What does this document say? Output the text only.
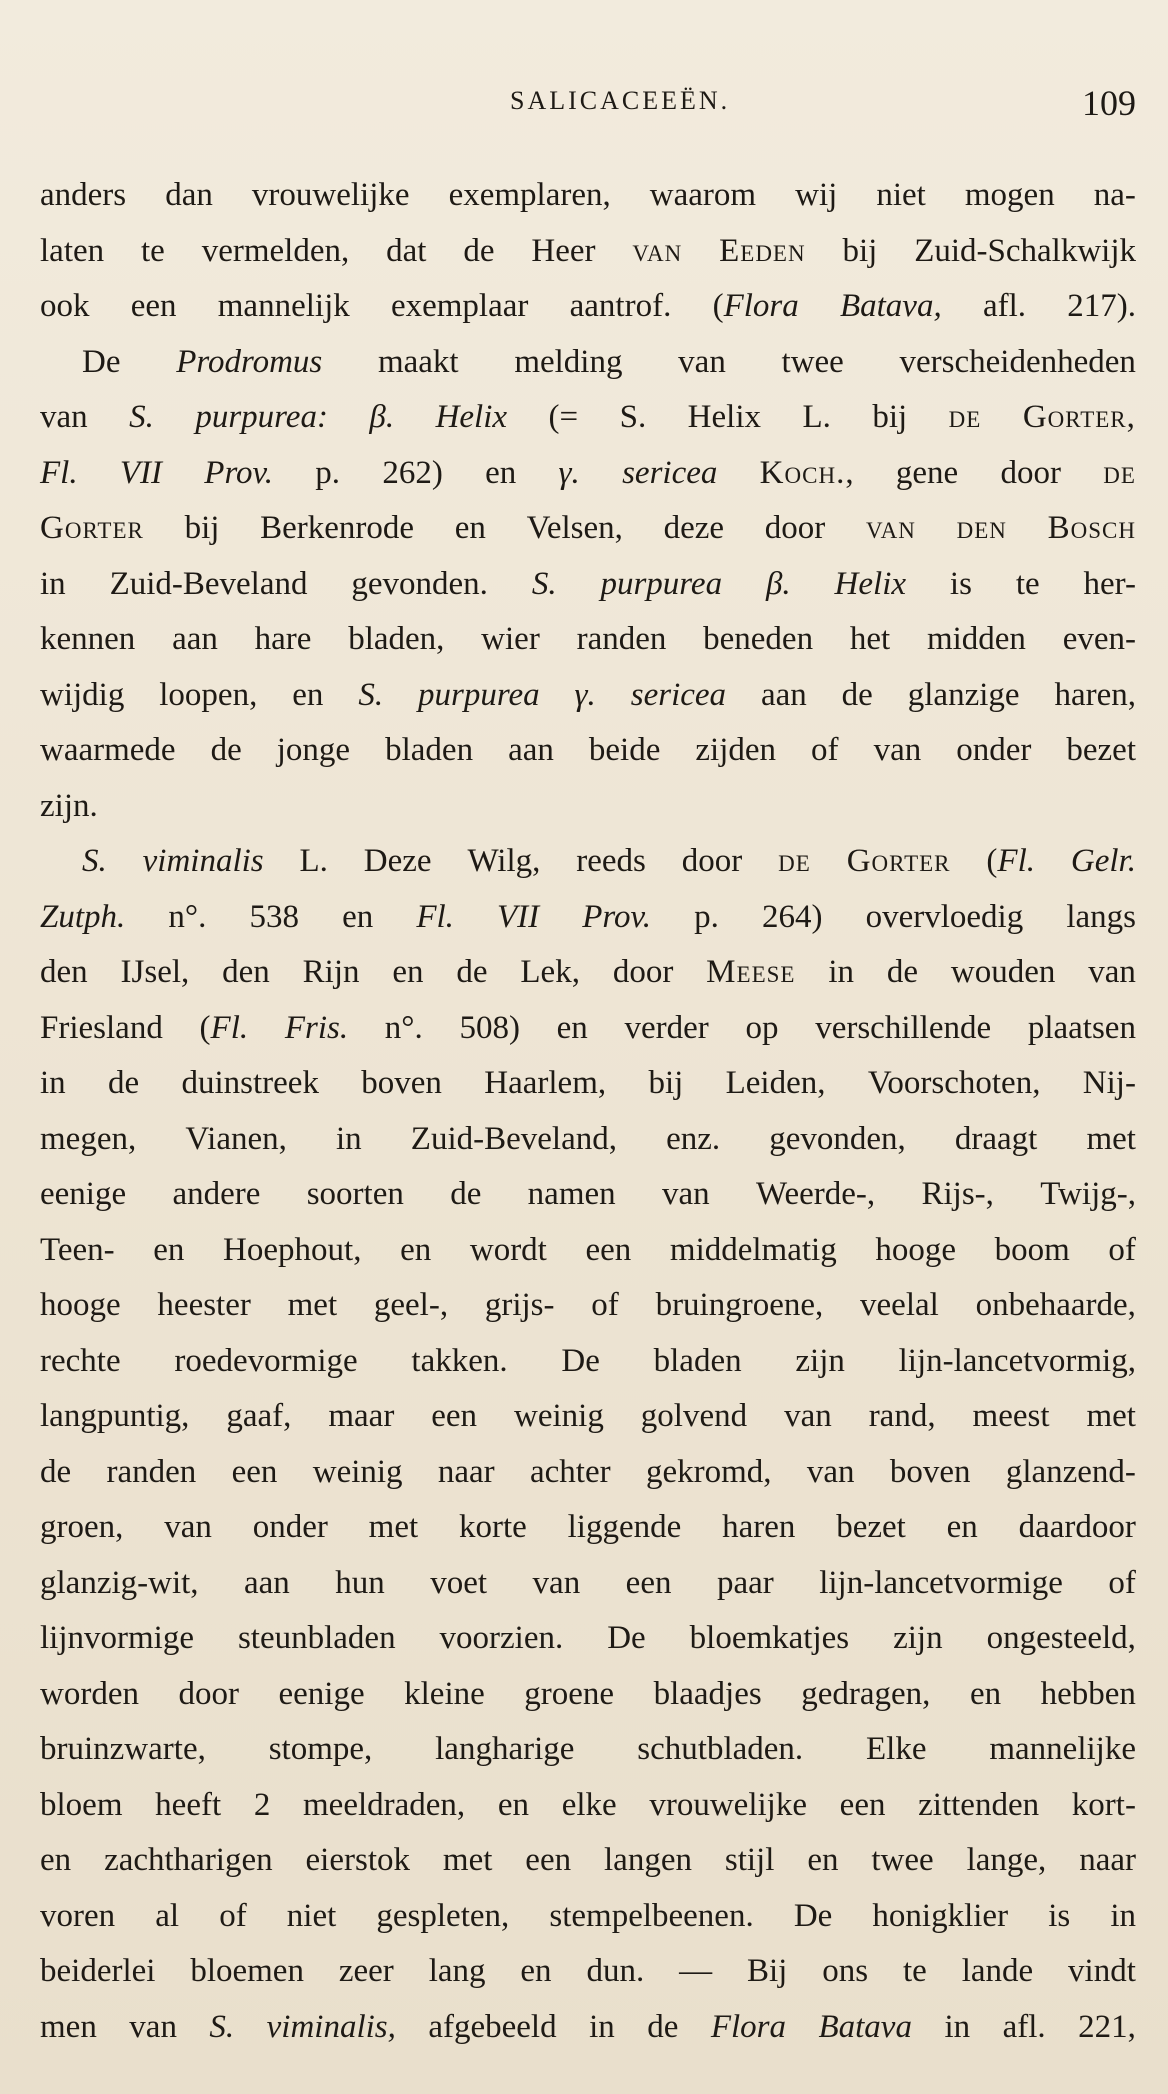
SALICACEEËN.	109
anders dan vrouwelijke exemplaren, waarom wij niet mogen na-
laten te vermelden, dat de Heer van Eeden bij Zuid-Schalkwijk
ook een mannelijk exemplaar aantrof. (Flora Batava, afl. 217).
De Prodromus maakt melding van twee verscheidenheden
van S. purpurea: β. Helix (= S. Helix L. bij de Gorter,
Fl. VII Prov. p. 262) en γ. sericea Koch., gene door de
Gorter bij Berkenrode en Velsen, deze door van den Bosch
in Zuid-Beveland gevonden. S. purpurea β. Helix is te her-
kennen aan hare bladen, wier randen beneden het midden even-
wijdig loopen, en S. purpurea γ. sericea aan de glanzige haren,
waarmede de jonge bladen aan beide zijden of van onder bezet
zijn.

S. viminalis L. Deze Wilg, reeds door de Gorter (Fl. Gelr.
Zutph. n°. 538 en Fl. VII Prov. p. 264) overvloedig langs
den IJsel, den Rijn en de Lek, door Meese in de wouden van
Friesland (Fl. Fris. n°. 508) en verder op verschillende plaatsen
in de duinstreek boven Haarlem, bij Leiden, Voorschoten, Nij-
megen, Vianen, in Zuid-Beveland, enz. gevonden, draagt met
eenige andere soorten de namen van Weerde-, Rijs-, Twijg-,
Teen- en Hoephout, en wordt een middelmatig hooge boom of
hooge heester met geel-, grijs- of bruingroene, veelal onbehaarde,
rechte roedevormige takken. De bladen zijn lijn-lancetvormig,
langpuntig, gaaf, maar een weinig golvend van rand, meest met
de randen een weinig naar achter gekromd, van boven glanzend-
groen, van onder met korte liggende haren bezet en daardoor
glanzig-wit, aan hun voet van een paar lijn-lancetvormige of
lijnvormige steunbladen voorzien. De bloemkatjes zijn ongesteeld,
worden door eenige kleine groene blaadjes gedragen, en hebben
bruinzwarte, stompe, langharige schutbladen. Elke mannelijke
bloem heeft 2 meeldraden, en elke vrouwelijke een zittenden kort-
en zachtharigen eierstok met een langen stijl en twee lange, naar
voren al of niet gespleten, stempelbeenen. De honigklier is in
beiderlei bloemen zeer lang en dun. — Bij ons te lande vindt
men van S. viminalis, afgebeeld in de Flora Batava in afl. 221,
